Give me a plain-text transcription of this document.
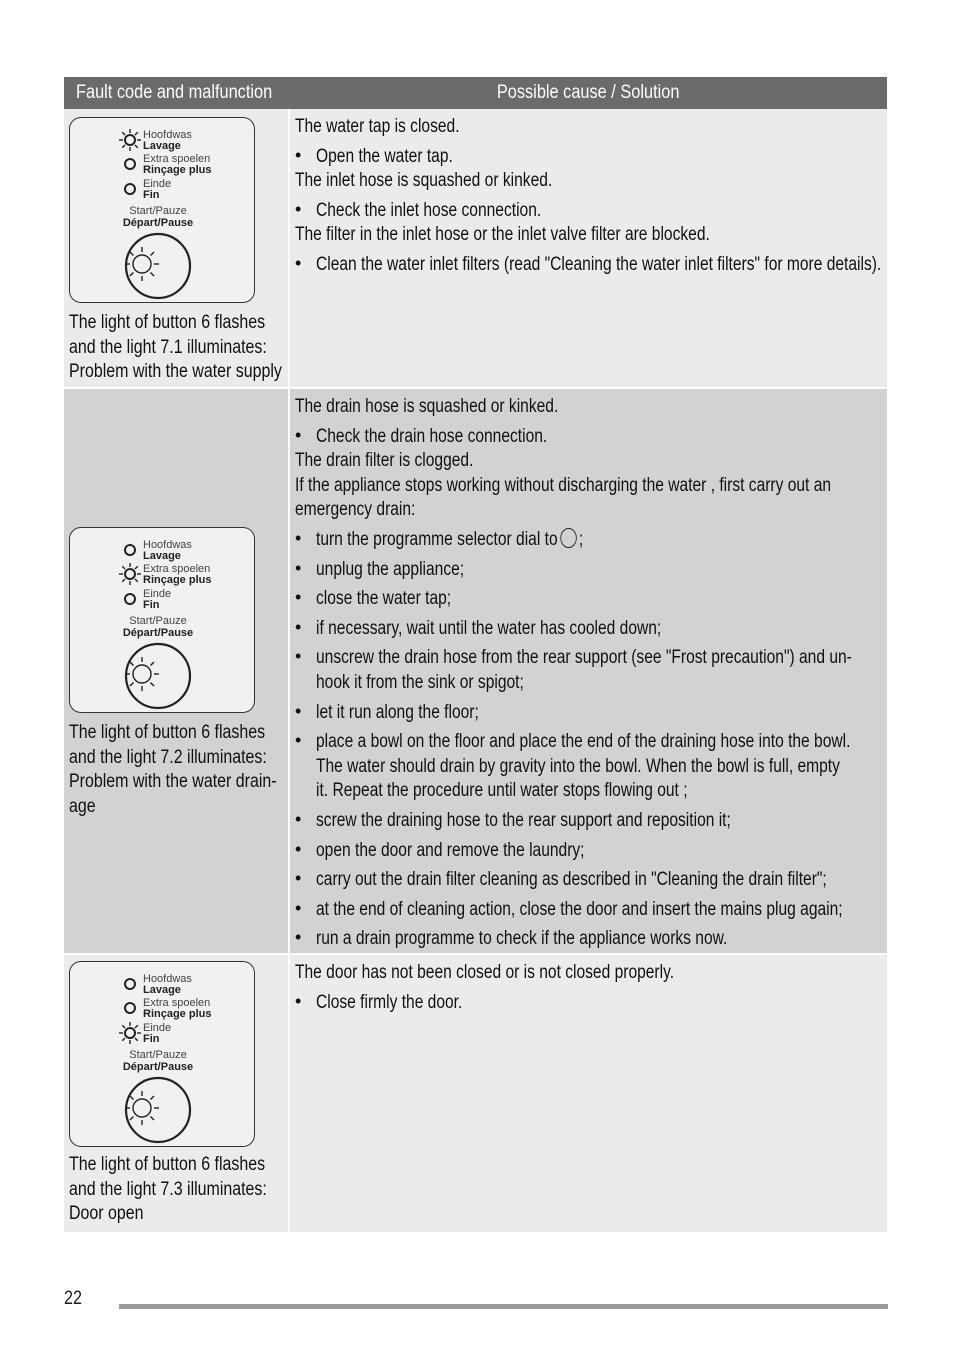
Fault code and malfunction	Possible cause / Solution
Hoofdwas
Lavage
Extra spoelen
Rinçage plus
Einde
Fin
Start/Pauze
Départ/Pause
The light of button 6 flashes
and the light 7.1 illuminates:
Problem with the water supply
The water tap is closed.
• Open the water tap.
The inlet hose is squashed or kinked.
• Check the inlet hose connection.
The filter in the inlet hose or the inlet valve filter are blocked.
• Clean the water inlet filters (read "Cleaning the water inlet filters" for more details).
Hoofdwas
Lavage
Extra spoelen
Rinçage plus
Einde
Fin
Start/Pauze
Départ/Pause
The light of button 6 flashes
and the light 7.2 illuminates:
Problem with the water drain-
age
The drain hose is squashed or kinked.
• Check the drain hose connection.
The drain filter is clogged.
If the appliance stops working without discharging the water , first carry out an
emergency drain:
• turn the programme selector dial to ;
• unplug the appliance;
• close the water tap;
• if necessary, wait until the water has cooled down;
• unscrew the drain hose from the rear support (see "Frost precaution") and un-
hook it from the sink or spigot;
• let it run along the floor;
• place a bowl on the floor and place the end of the draining hose into the bowl.
The water should drain by gravity into the bowl. When the bowl is full, empty
it. Repeat the procedure until water stops flowing out ;
• screw the draining hose to the rear support and reposition it;
• open the door and remove the laundry;
• carry out the drain filter cleaning as described in "Cleaning the drain filter";
• at the end of cleaning action, close the door and insert the mains plug again;
• run a drain programme to check if the appliance works now.
Hoofdwas
Lavage
Extra spoelen
Rinçage plus
Einde
Fin
Start/Pauze
Départ/Pause
The light of button 6 flashes
and the light 7.3 illuminates:
Door open
The door has not been closed or is not closed properly.
• Close firmly the door.
22
